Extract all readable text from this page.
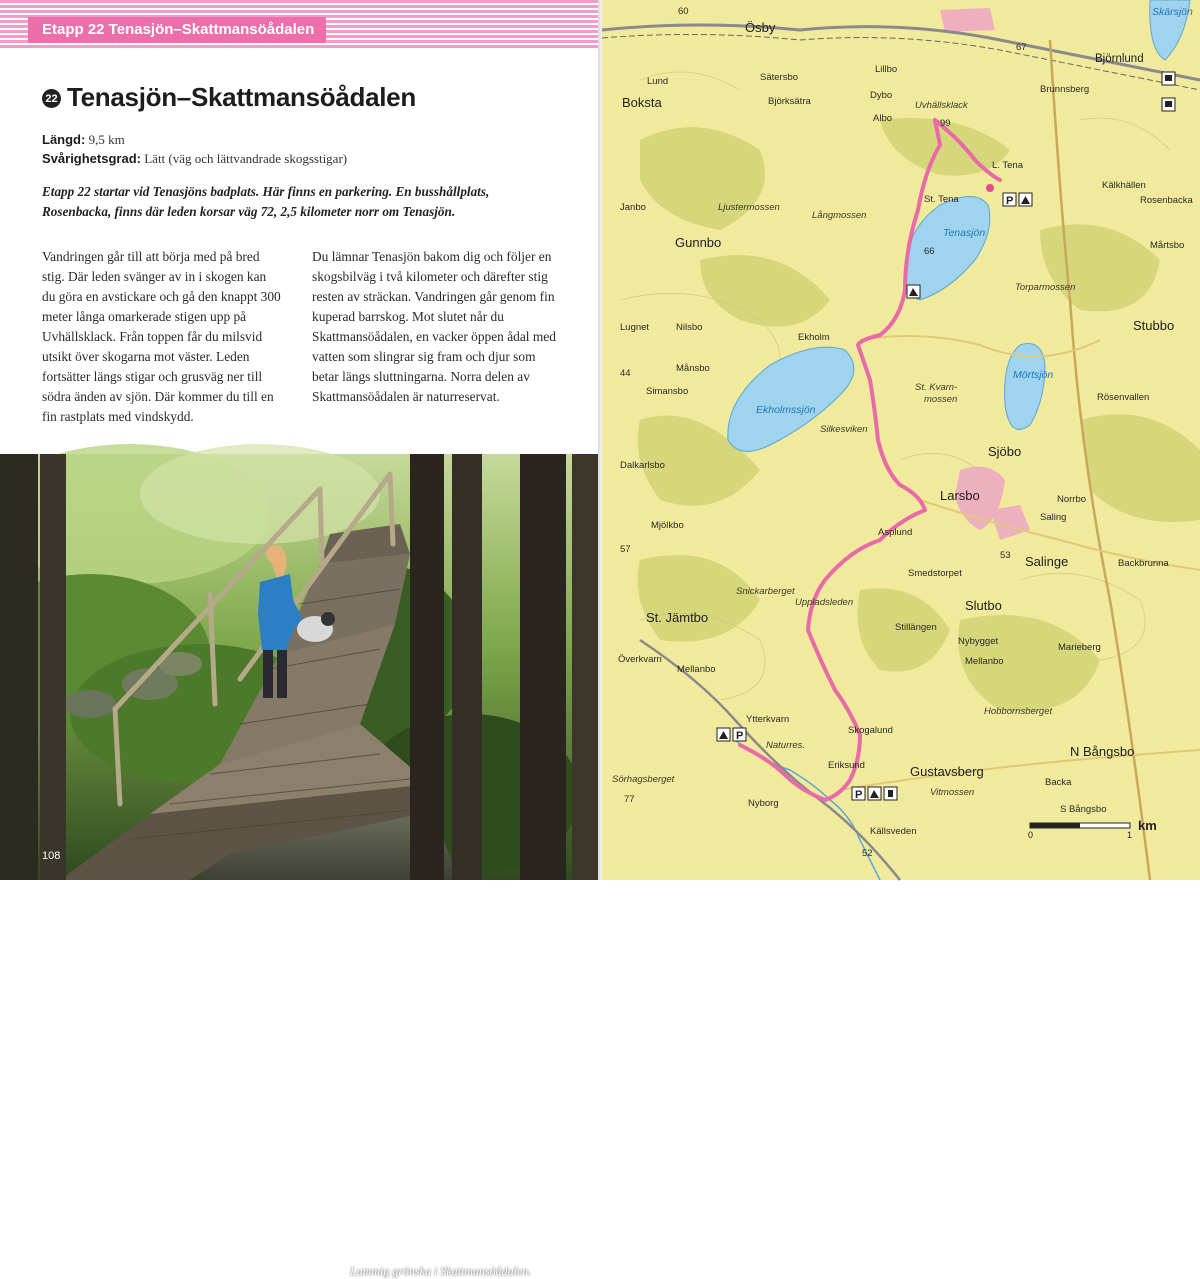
Etapp 22 Tenasjön–Skattmansöådalen
22 Tenasjön–Skattmansöådalen
Längd: 9,5 km
Svårighetsgrad: Lätt (väg och lättvandrade skogsstigar)
Etapp 22 startar vid Tenasjöns badplats. Här finns en parkering. En busshållplats, Rosenbacka, finns där leden korsar väg 72, 2,5 kilometer norr om Tenasjön.
Vandringen går till att börja med på bred stig. Där leden svänger av in i skogen kan du göra en avstickare och gå den knappt 300 meter långa omarkerade stigen upp på Uvhällsklack. Från toppen får du milsvid utsikt över skogarna mot väster. Leden fortsätter längs stigar och grusväg ner till södra änden av sjön. Där kommer du till en fin rastplats med vindskydd.
Du lämnar Tenasjön bakom dig och följer en skogsbilväg i två kilometer och därefter stig resten av sträckan. Vandringen går genom fin kuperad barrskog. Mot slutet når du Skattmansöådalen, en vacker öppen ådal med vatten som slingrar sig fram och djur som betar längs sluttningarna. Norra delen av Skattmansöådalen är naturreservat.
Lummig grönska i Skattmansöådalen.
108
P
P
P
Ösby
Björnlund
Boksta
Lund	Sätersbo
Lillbo
Björksätra
Dybo
Brunnsberg
Albo
Uvhällsklack
99
L. Tena
Kälkhällen
Rosenbacka
St. Tena
Janbo	Ljustermossen
Långmossen
Tenasjön
Mårtsbo
Gunnbo
66
Torparmossen
Lugnet	Nilsbo	Stubbo
Ekholm
Månsbo
Mörtsjön
Simansbo	St. Kvarn-
mossen	Rösenvallen
Ekholmssjön
Silkesviken
Sjöbo
Dalkarlsbo
Larsbo	Norrbo
Mjölkbo
Asplund
Saling
Smedstorpet
53 Salinge	Backbrunna
Snickarberget
Uppladsleden	Slutbo
St. Jämtbo
Stillängen
Nybygget
Mellanbo
Marieberg
Överkvarn
Mellanbo
Hobbornsberget
Ytterkvarn
Skogalund
Naturres.	N Bångsbo
Eriksund	Gustavsberg
Backa
Vitmossen
Sörhagsberget
Nyborg
S Bångsbo
Källsveden
77
52
57
44
60
67
Skärsjön
0	1
km
